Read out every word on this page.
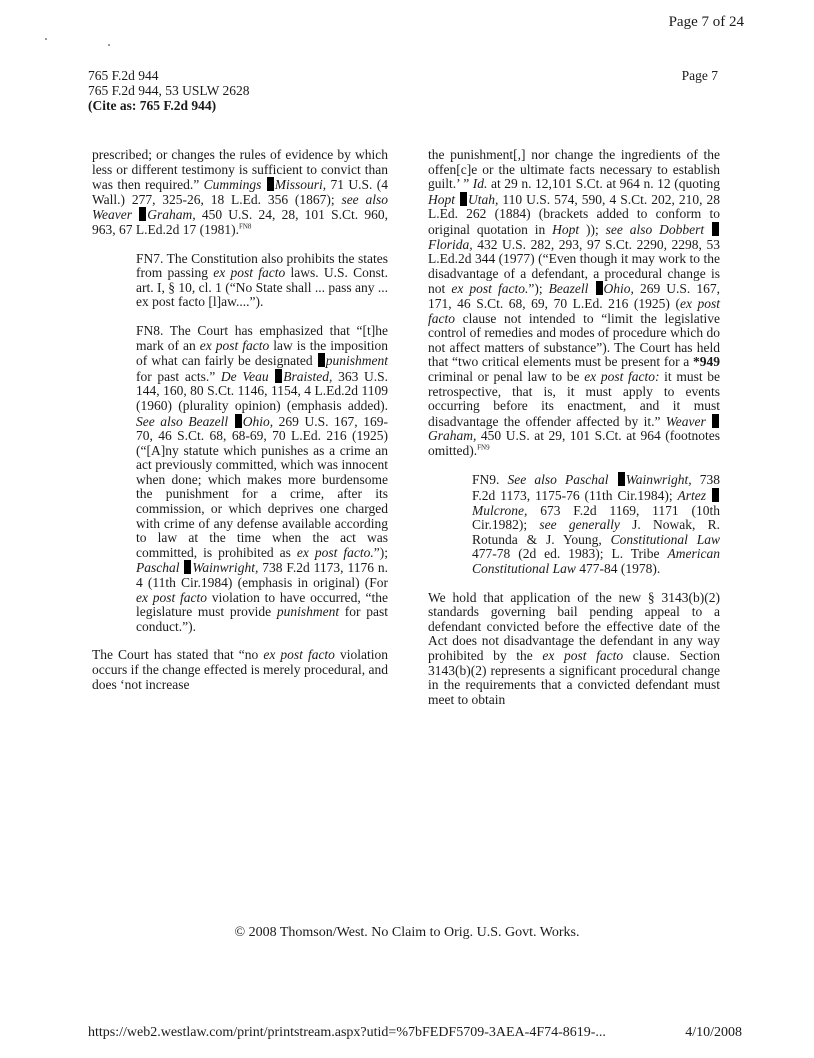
Page 7 of 24
765 F.2d 944
765 F.2d 944, 53 USLW 2628
(Cite as: 765 F.2d 944)
Page 7

prescribed; or changes the rules of evidence by which less or different testimony is sufficient to convict than was then required.” Cummings Missouri, 71 U.S. (4 Wall.) 277, 325-26, 18 L.Ed. 356 (1867); see also Weaver Graham, 450 U.S. 24, 28, 101 S.Ct. 960, 963, 67 L.Ed.2d 17 (1981).$^{FN8}$

FN7. The Constitution also prohibits the states from passing ex post facto laws. U.S. Const. art. I, § 10, cl. 1 (“No State shall ... pass any ... ex post facto [l]aw....”).

FN8. The Court has emphasized that “[t]he mark of an ex post facto law is the imposition of what can fairly be designated punishment for past acts.” De Veau Braisted, 363 U.S. 144, 160, 80 S.Ct. 1146, 1154, 4 L.Ed.2d 1109 (1960) (plurality opinion) (emphasis added). See also Beazell Ohio, 269 U.S. 167, 169-70, 46 S.Ct. 68, 68-69, 70 L.Ed. 216 (1925) (“[A]ny statute which punishes as a crime an act previously committed, which was innocent when done; which makes more burdensome the punishment for a crime, after its commission, or which deprives one charged with crime of any defense available according to law at the time when the act was committed, is prohibited as ex post facto.”); Paschal Wainwright, 738 F.2d 1173, 1176 n. 4 (11th Cir.1984) (emphasis in original) (For ex post facto violation to have occurred, “the legislature must provide punishment for past conduct.”).

The Court has stated that “no ex post facto violation occurs if the change effected is merely procedural, and does ‘not increase

the punishment[,] nor change the ingredients of the offen[c]e or the ultimate facts necessary to establish guilt.’ ” Id. at 29 n. 12,101 S.Ct. at 964 n. 12 (quoting Hopt Utah, 110 U.S. 574, 590, 4 S.Ct. 202, 210, 28 L.Ed. 262 (1884) (brackets added to conform to original quotation in Hopt )); see also Dobbert Florida, 432 U.S. 282, 293, 97 S.Ct. 2290, 2298, 53 L.Ed.2d 344 (1977) (“Even though it may work to the disadvantage of a defendant, a procedural change is not ex post facto.”); Beazell Ohio, 269 U.S. 167, 171, 46 S.Ct. 68, 69, 70 L.Ed. 216 (1925) (ex post facto clause not intended to “limit the legislative control of remedies and modes of procedure which do not affect matters of substance”). The Court has held that “two critical elements must be present for a *949 criminal or penal law to be ex post facto: it must be retrospective, that is, it must apply to events occurring before its enactment, and it must disadvantage the offender affected by it.” Weaver Graham, 450 U.S. at 29, 101 S.Ct. at 964 (footnotes omitted).$^{FN9}$

FN9. See also Paschal Wainwright, 738 F.2d 1173, 1175-76 (11th Cir.1984); Artez Mulcrone, 673 F.2d 1169, 1171 (10th Cir.1982); see generally J. Nowak, R. Rotunda & J. Young, Constitutional Law 477-78 (2d ed. 1983); L. Tribe American Constitutional Law 477-84 (1978).

We hold that application of the new § 3143(b)(2) standards governing bail pending appeal to a defendant convicted before the effective date of the Act does not disadvantage the defendant in any way prohibited by the ex post facto clause. Section 3143(b)(2) represents a significant procedural change in the requirements that a convicted defendant must meet to obtain

© 2008 Thomson/West. No Claim to Orig. U.S. Govt. Works.
https://web2.westlaw.com/print/printstream.aspx?utid=%7bFEDF5709-3AEA-4F74-8619-...	4/10/2008
